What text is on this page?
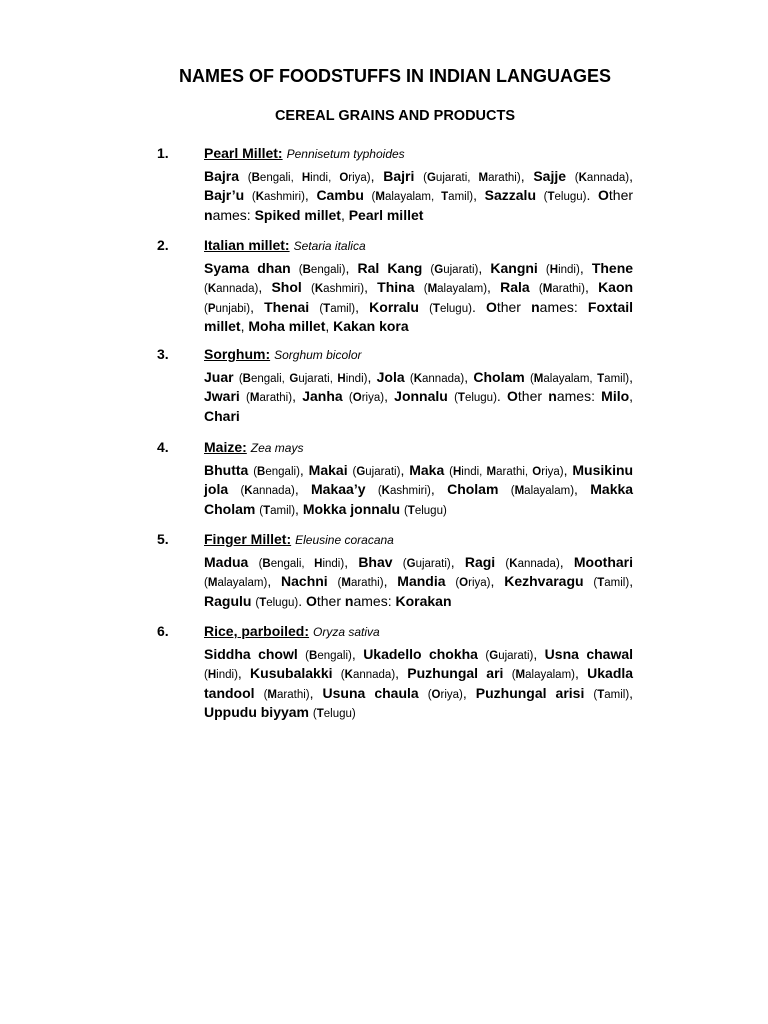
NAMES OF FOODSTUFFS IN INDIAN LANGUAGES
CEREAL GRAINS AND PRODUCTS
1.	Pearl Millet: Pennisetum typhoides
Bajra (Bengali, Hindi, Oriya), Bajri (Gujarati, Marathi), Sajje (Kannada), Bajr’u (Kashmiri), Cambu (Malayalam, Tamil), Sazzalu (Telugu). Other names: Spiked millet, Pearl millet
2.	Italian millet: Setaria italica
Syama dhan (Bengali), Ral Kang (Gujarati), Kangni (Hindi), Thene (Kannada), Shol (Kashmiri), Thina (Malayalam), Rala (Marathi), Kaon (Punjabi), Thenai (Tamil), Korralu (Telugu). Other names: Foxtail millet, Moha millet, Kakan kora
3.	Sorghum: Sorghum bicolor
Juar (Bengali, Gujarati, Hindi), Jola (Kannada), Cholam (Malayalam, Tamil), Jwari (Marathi), Janha (Oriya), Jonnalu (Telugu). Other names: Milo, Chari
4.	Maize: Zea mays
Bhutta (Bengali), Makai (Gujarati), Maka (Hindi, Marathi, Oriya), Musikinu jola (Kannada), Makaa’y (Kashmiri), Cholam (Malayalam), Makka Cholam (Tamil), Mokka jonnalu (Telugu)
5.	Finger Millet: Eleusine coracana
Madua (Bengali, Hindi), Bhav (Gujarati), Ragi (Kannada), Moothari (Malayalam), Nachni (Marathi), Mandia (Oriya), Kezhvaragu (Tamil), Ragulu (Telugu). Other names: Korakan
6.	Rice, parboiled: Oryza sativa
Siddha chowl (Bengali), Ukadello chokha (Gujarati), Usna chawal (Hindi), Kusubalakki (Kannada), Puzhungal ari (Malayalam), Ukadla tandool (Marathi), Usuna chaula (Oriya), Puzhungal arisi (Tamil), Uppudu biyyam (Telugu)
